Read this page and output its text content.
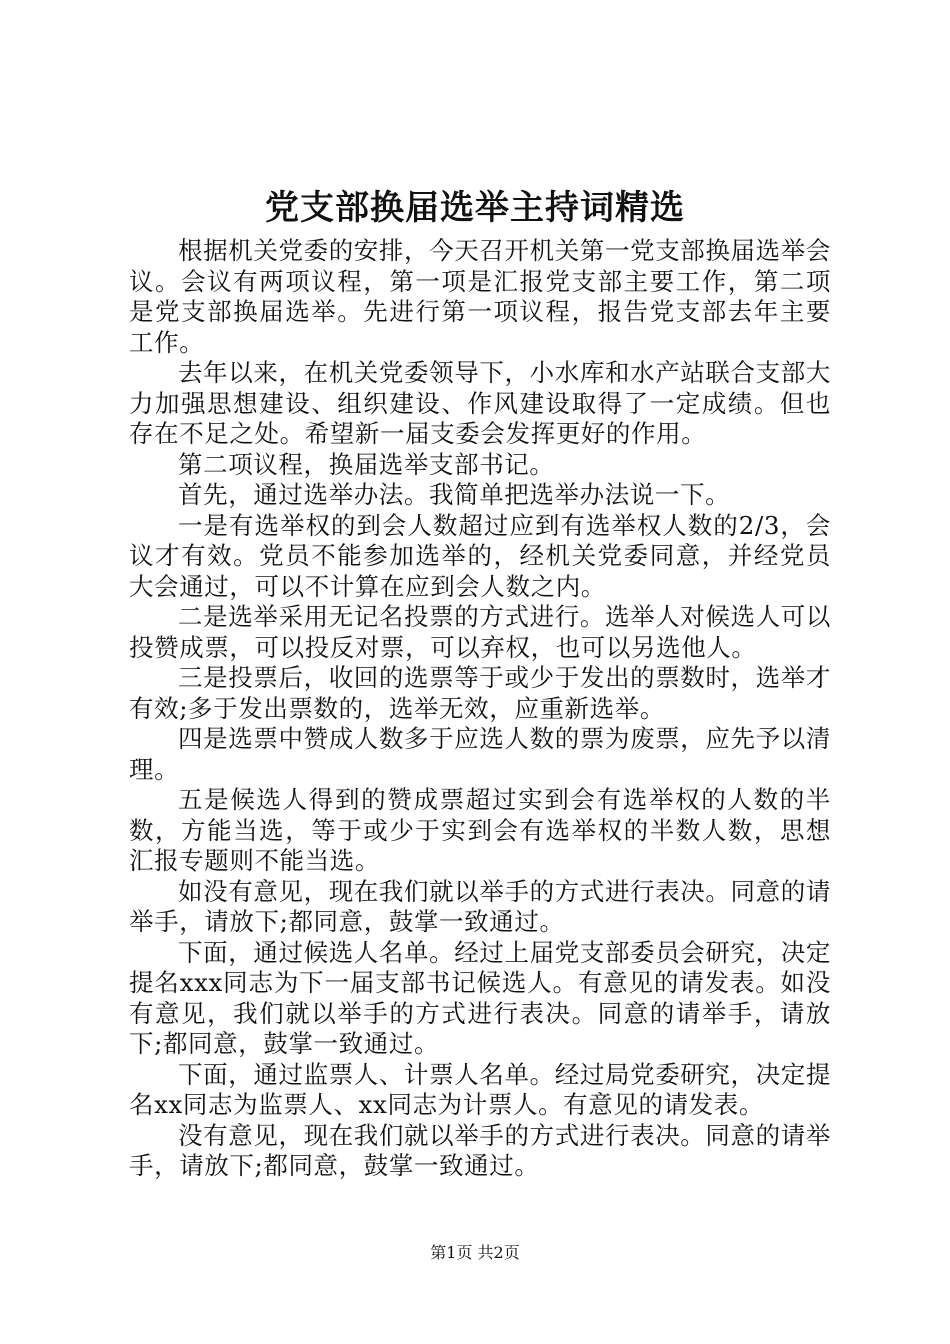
党支部换届选举主持词精选

根据机关党委的安排，今天召开机关第一党支部换届选举会议。会议有两项议程，第一项是汇报党支部主要工作，第二项是党支部换届选举。先进行第一项议程，报告党支部去年主要工作。

去年以来，在机关党委领导下，小水库和水产站联合支部大力加强思想建设、组织建设、作风建设取得了一定成绩。但也存在不足之处。希望新一届支委会发挥更好的作用。

第二项议程，换届选举支部书记。

首先，通过选举办法。我简单把选举办法说一下。

一是有选举权的到会人数超过应到有选举权人数的2/3，会议才有效。党员不能参加选举的，经机关党委同意，并经党员大会通过，可以不计算在应到会人数之内。

二是选举采用无记名投票的方式进行。选举人对候选人可以投赞成票，可以投反对票，可以弃权，也可以另选他人。

三是投票后，收回的选票等于或少于发出的票数时，选举才有效;多于发出票数的，选举无效，应重新选举。

四是选票中赞成人数多于应选人数的票为废票，应先予以清理。

五是候选人得到的赞成票超过实到会有选举权的人数的半数，方能当选，等于或少于实到会有选举权的半数人数，思想汇报专题则不能当选。

如没有意见，现在我们就以举手的方式进行表决。同意的请举手，请放下;都同意，鼓掌一致通过。

下面，通过候选人名单。经过上届党支部委员会研究，决定提名xxx同志为下一届支部书记候选人。有意见的请发表。如没有意见，我们就以举手的方式进行表决。同意的请举手，请放下;都同意，鼓掌一致通过。

下面，通过监票人、计票人名单。经过局党委研究，决定提名xx同志为监票人、xx同志为计票人。有意见的请发表。

没有意见，现在我们就以举手的方式进行表决。同意的请举手，请放下;都同意，鼓掌一致通过。

第1页 共2页
